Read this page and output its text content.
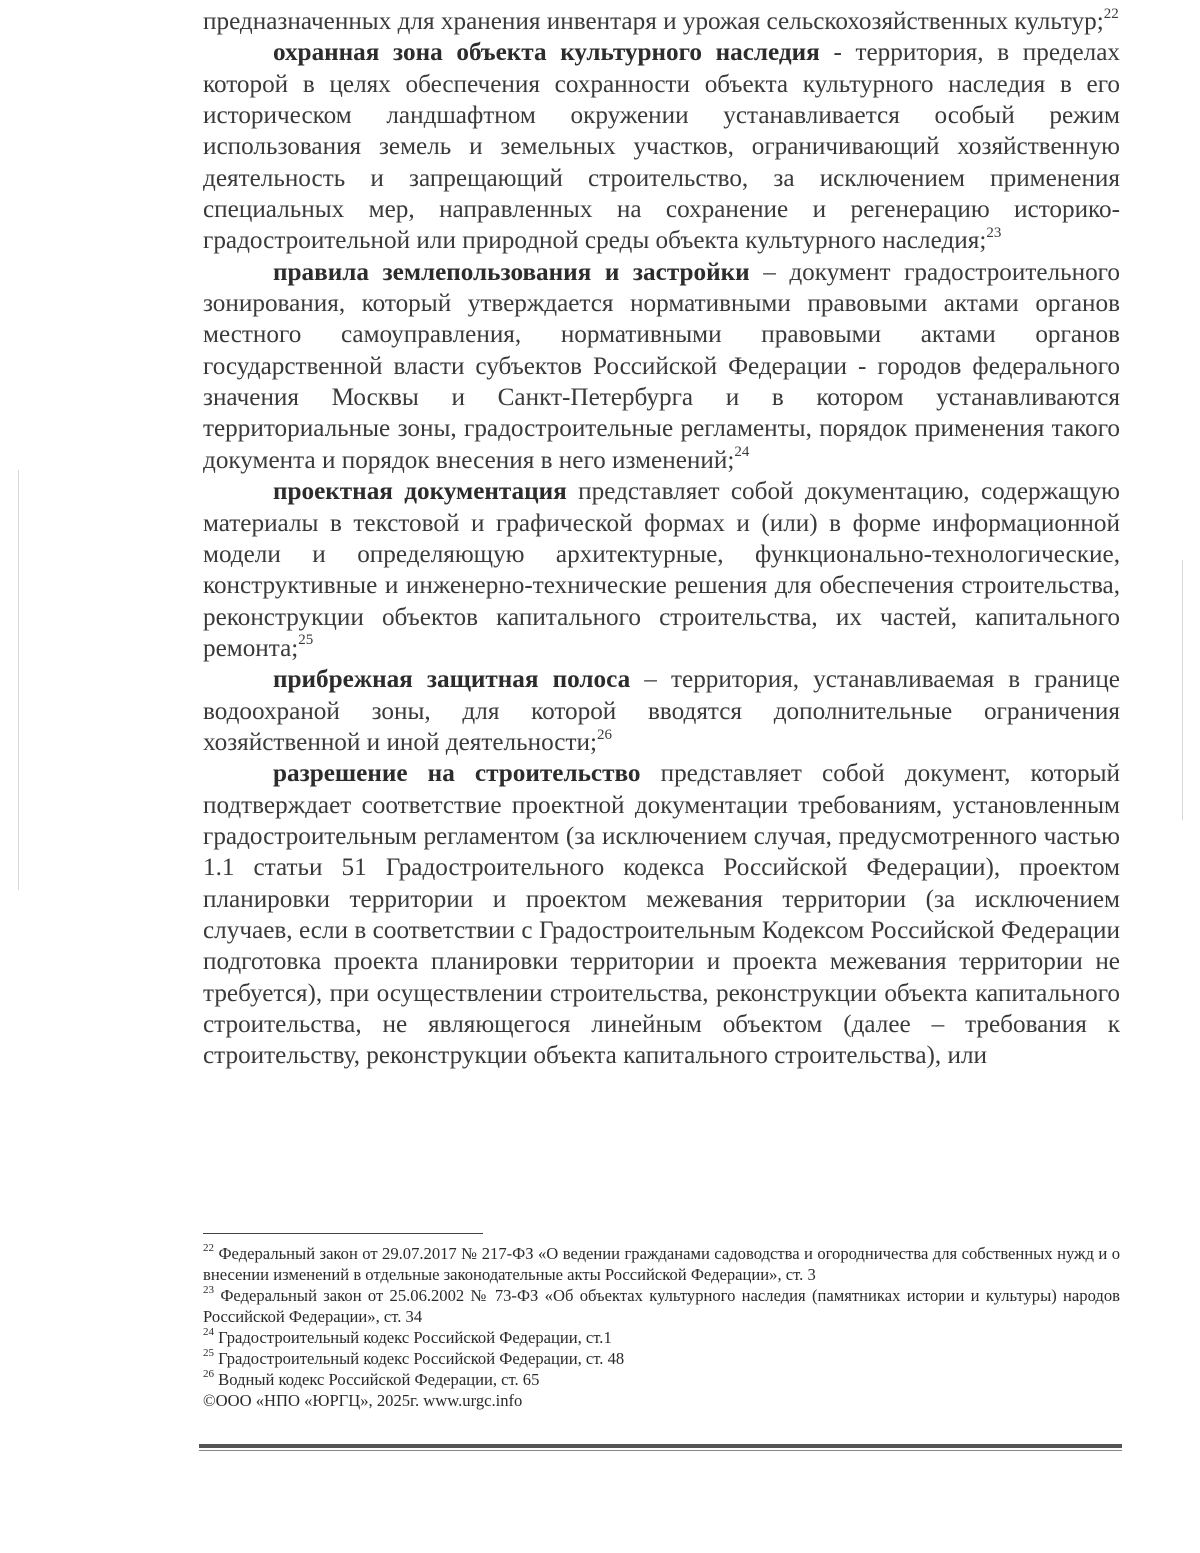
предназначенных для хранения инвентаря и урожая сельскохозяйственных культур;$^{22}$

охранная зона объекта культурного наследия - территория, в пределах которой в целях обеспечения сохранности объекта культурного наследия в его историческом ландшафтном окружении устанавливается особый режим использования земель и земельных участков, ограничивающий хозяйственную деятельность и запрещающий строительство, за исключением применения специальных мер, направленных на сохранение и регенерацию историко-градостроительной или природной среды объекта культурного наследия;$^{23}$

правила землепользования и застройки – документ градостроительного зонирования, который утверждается нормативными правовыми актами органов местного самоуправления, нормативными правовыми актами органов государственной власти субъектов Российской Федерации - городов федерального значения Москвы и Санкт-Петербурга и в котором устанавливаются территориальные зоны, градостроительные регламенты, порядок применения такого документа и порядок внесения в него изменений;$^{24}$

проектная документация представляет собой документацию, содержащую материалы в текстовой и графической формах и (или) в форме информационной модели и определяющую архитектурные, функционально-технологические, конструктивные и инженерно-технические решения для обеспечения строительства, реконструкции объектов капитального строительства, их частей, капитального ремонта;$^{25}$

прибрежная защитная полоса – территория, устанавливаемая в границе водоохраной зоны, для которой вводятся дополнительные ограничения хозяйственной и иной деятельности;$^{26}$

разрешение на строительство представляет собой документ, который подтверждает соответствие проектной документации требованиям, установленным градостроительным регламентом (за исключением случая, предусмотренного частью 1.1 статьи 51 Градостроительного кодекса Российской Федерации), проектом планировки территории и проектом межевания территории (за исключением случаев, если в соответствии с Градостроительным Кодексом Российской Федерации подготовка проекта планировки территории и проекта межевания территории не требуется), при осуществлении строительства, реконструкции объекта капитального строительства, не являющегося линейным объектом (далее – требования к строительству, реконструкции объекта капитального строительства), или

$^{22}$ Федеральный закон от 29.07.2017 № 217-ФЗ «О ведении гражданами садоводства и огородничества для собственных нужд и о внесении изменений в отдельные законодательные акты Российской Федерации», ст. 3

$^{23}$ Федеральный закон от 25.06.2002 № 73-ФЗ «Об объектах культурного наследия (памятниках истории и культуры) народов Российской Федерации», ст. 34

$^{24}$ Градостроительный кодекс Российской Федерации, ст.1

$^{25}$ Градостроительный кодекс Российской Федерации, ст. 48

$^{26}$ Водный кодекс Российской Федерации, ст. 65

©ООО «НПО «ЮРГЦ», 2025г. www.urgc.info
